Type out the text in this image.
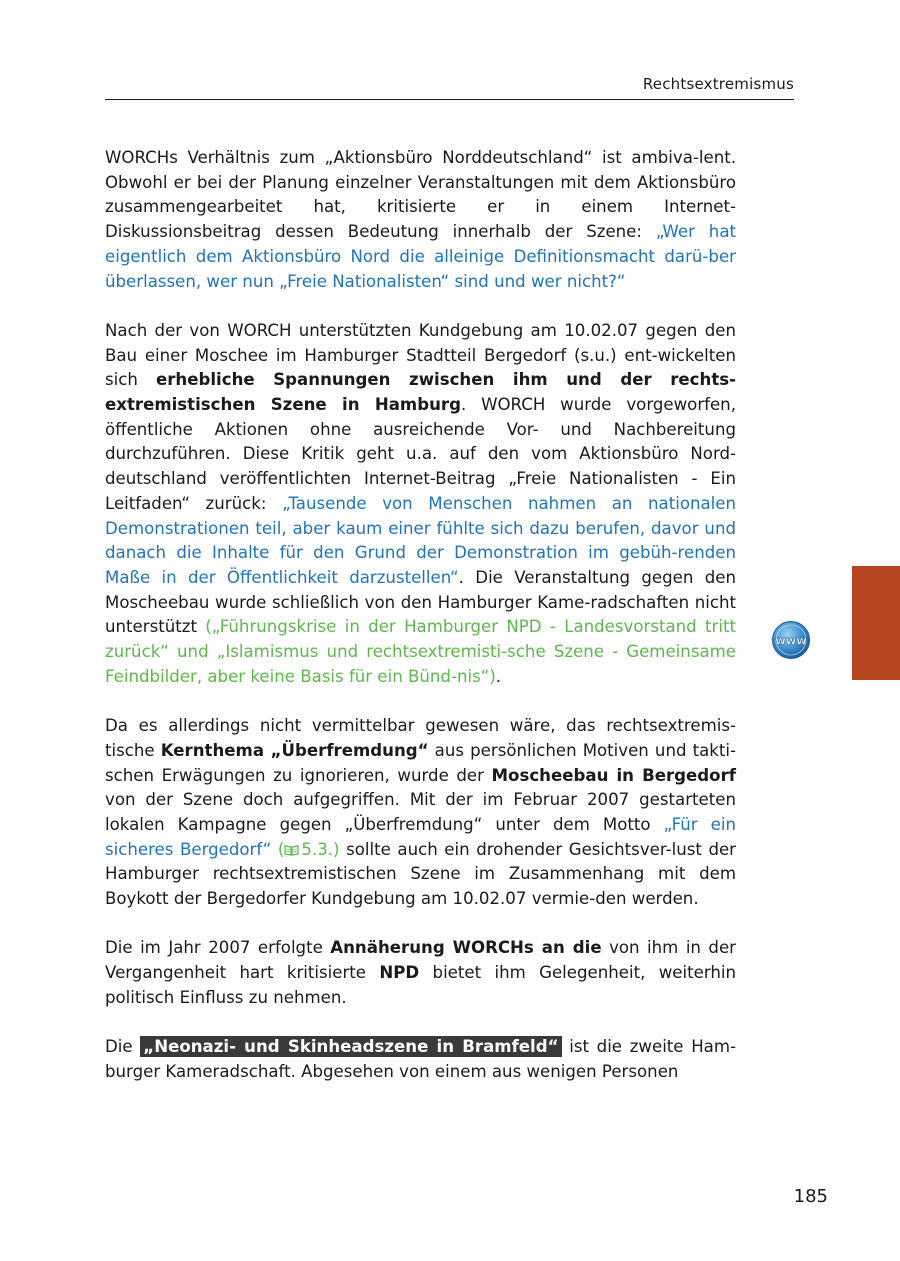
Rechtsextremismus

WORCHs Verhältnis zum „Aktionsbüro Norddeutschland“ ist ambiva-lent. Obwohl er bei der Planung einzelner Veranstaltungen mit dem Aktionsbüro zusammengearbeitet hat, kritisierte er in einem Internet-Diskussionsbeitrag dessen Bedeutung innerhalb der Szene: „Wer hat eigentlich dem Aktionsbüro Nord die alleinige Definitionsmacht darü-ber überlassen, wer nun „Freie Nationalisten“ sind und wer nicht?“

Nach der von WORCH unterstützten Kundgebung am 10.02.07 gegen den Bau einer Moschee im Hamburger Stadtteil Bergedorf (s.u.) ent-wickelten sich erhebliche Spannungen zwischen ihm und der rechts-extremistischen Szene in Hamburg. WORCH wurde vorgeworfen, öffentliche Aktionen ohne ausreichende Vor- und Nachbereitung durchzuführen. Diese Kritik geht u.a. auf den vom Aktionsbüro Nord-deutschland veröffentlichten Internet-Beitrag „Freie Nationalisten - Ein Leitfaden“ zurück: „Tausende von Menschen nahmen an nationalen Demonstrationen teil, aber kaum einer fühlte sich dazu berufen, davor und danach die Inhalte für den Grund der Demonstration im gebüh-renden Maße in der Öffentlichkeit darzustellen“. Die Veranstaltung gegen den Moscheebau wurde schließlich von den Hamburger Kame-radschaften nicht unterstützt („Führungskrise in der Hamburger NPD - Landesvorstand tritt zurück“ und „Islamismus und rechtsextremisti-sche Szene - Gemeinsame Feindbilder, aber keine Basis für ein Bünd-nis“).

Da es allerdings nicht vermittelbar gewesen wäre, das rechtsextremis-tische Kernthema „Überfremdung“ aus persönlichen Motiven und takti-schen Erwägungen zu ignorieren, wurde der Moscheebau in Bergedorf von der Szene doch aufgegriffen. Mit der im Februar 2007 gestarteten lokalen Kampagne gegen „Überfremdung“ unter dem Motto „Für ein sicheres Bergedorf“ ( 5.3.) sollte auch ein drohender Gesichtsver-lust der Hamburger rechtsextremistischen Szene im Zusammenhang mit dem Boykott der Bergedorfer Kundgebung am 10.02.07 vermie-den werden.

Die im Jahr 2007 erfolgte Annäherung WORCHs an die von ihm in der Vergangenheit hart kritisierte NPD bietet ihm Gelegenheit, weiterhin politisch Einfluss zu nehmen.

Die „Neonazi- und Skinheadszene in Bramfeld“ ist die zweite Ham-burger Kameradschaft. Abgesehen von einem aus wenigen Personen

www
185
